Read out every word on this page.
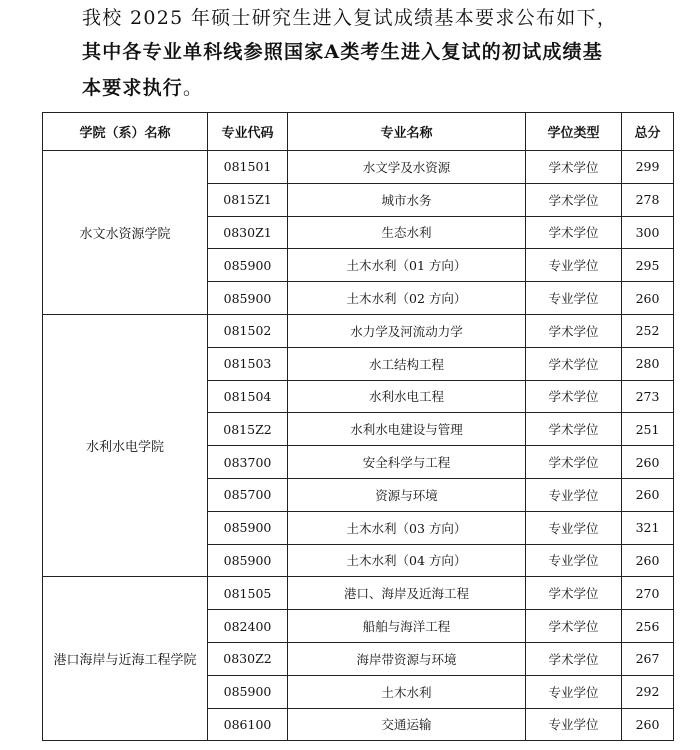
我校 2025 年硕士研究生进入复试成绩基本要求公布如下，
其中各专业单科线参照国家A类考生进入复试的初试成绩基
本要求执行。
学院（系）名称	专业代码	专业名称	学位类型	总分
水文水资源学院	081501	水文学及水资源	学术学位	299
	0815Z1	城市水务	学术学位	278
	0830Z1	生态水利	学术学位	300
	085900	土木水利（01 方向）	专业学位	295
	085900	土木水利（02 方向）	专业学位	260
水利水电学院	081502	水力学及河流动力学	学术学位	252
	081503	水工结构工程	学术学位	280
	081504	水利水电工程	学术学位	273
	0815Z2	水利水电建设与管理	学术学位	251
	083700	安全科学与工程	学术学位	260
	085700	资源与环境	专业学位	260
	085900	土木水利（03 方向）	专业学位	321
	085900	土木水利（04 方向）	专业学位	260
港口海岸与近海工程学院	081505	港口、海岸及近海工程	学术学位	270
	082400	船舶与海洋工程	学术学位	256
	0830Z2	海岸带资源与环境	学术学位	267
	085900	土木水利	专业学位	292
	086100	交通运输	专业学位	260
